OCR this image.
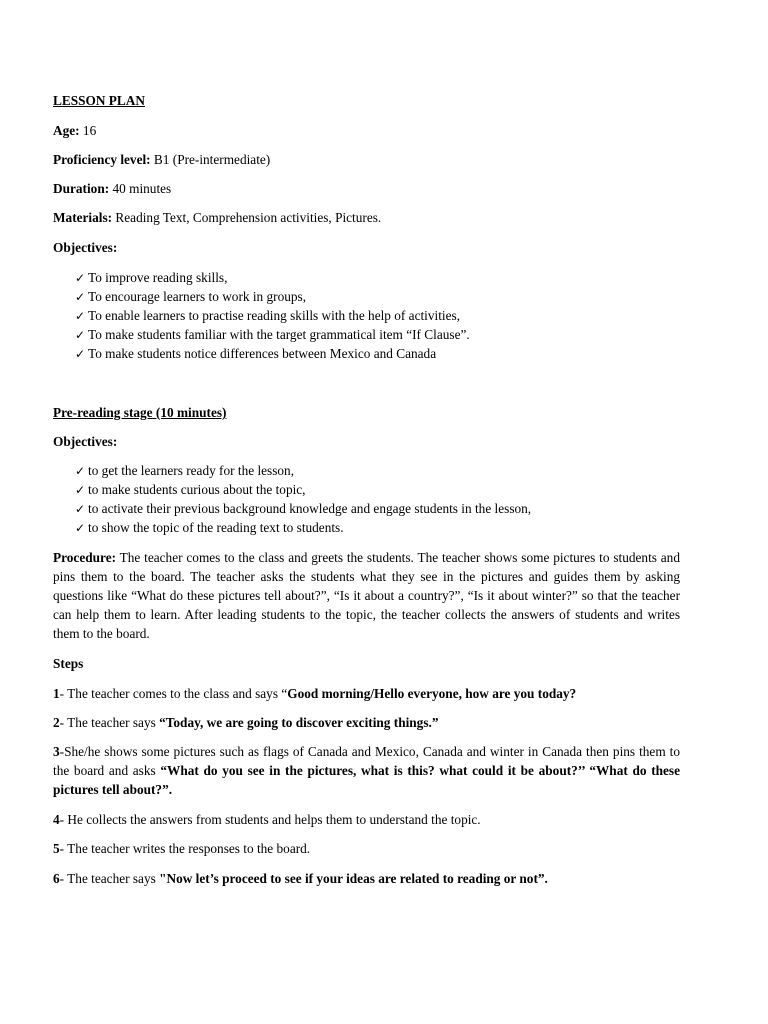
LESSON PLAN

Age: 16

Proficiency level: B1 (Pre-intermediate)

Duration: 40 minutes

Materials: Reading Text, Comprehension activities, Pictures.

Objectives:

✓ To improve reading skills,
✓ To encourage learners to work in groups,
✓ To enable learners to practise reading skills with the help of activities,
✓ To make students familiar with the target grammatical item “If Clause”.
✓ To make students notice differences between Mexico and Canada

Pre-reading stage (10 minutes)

Objectives:

✓ to get the learners ready for the lesson,
✓ to make students curious about the topic,
✓ to activate their previous background knowledge and engage students in the lesson,
✓ to show the topic of the reading text to students.

Procedure: The teacher comes to the class and greets the students. The teacher shows some pictures to students and pins them to the board. The teacher asks the students what they see in the pictures and guides them by asking questions like “What do these pictures tell about?”, “Is it about a country?”, “Is it about winter?” so that the teacher can help them to learn. After leading students to the topic, the teacher collects the answers of students and writes them to the board.

Steps

1- The teacher comes to the class and says “Good morning/Hello everyone, how are you today?

2- The teacher says “Today, we are going to discover exciting things.”

3-She/he shows some pictures such as flags of Canada and Mexico, Canada and winter in Canada then pins them to the board and asks “What do you see in the pictures, what is this? what could it be about?’’ “What do these pictures tell about?”.

4- He collects the answers from students and helps them to understand the topic.

5- The teacher writes the responses to the board.

6- The teacher says "Now let’s proceed to see if your ideas are related to reading or not”.
